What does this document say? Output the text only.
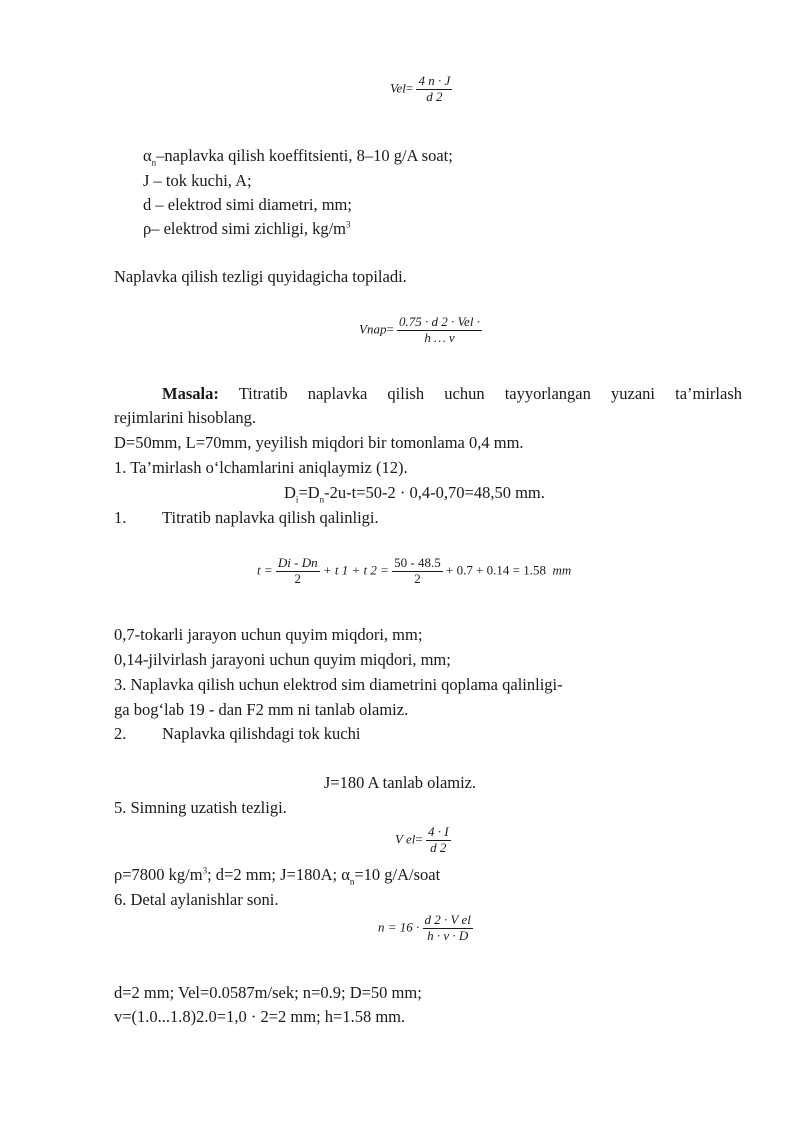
$Vel= \frac{4 n \cdot J}{d 2}$
$\alpha_n$–naplavka qilish koeffitsienti, 8–10 g/A soat;
J – tok kuchi, A;
d – elektrod simi diametri, mm;
ρ– elektrod simi zichligi, $kg/m^3$
Naplavka qilish tezligi quyidagicha topiladi.
Vnap= $\frac{\text{0.75 · d 2 · Vel ·}}{h \dots v}$
Masala: Titratib naplavka qilish uchun tayyorlangan yuzani ta’mirlash
rejimlarini hisoblang.
D=50mm, L=70mm, yeyilish miqdori bir tomonlama 0,4 mm.
1. Ta’mirlash o‘lchamlarini aniqlaymiz (12).
$D_i=D_n-2u-t=50-2 \cdot 0,4-0,70=48,50$ mm.
1. Titratib naplavka qilish qalinligi.
$t = \frac{Di - Dn}{2} + t$ 1 + t $2 = \frac{50 - 48.5}{2} + 0.7 + 0.14 = 1.58$ mm
0,7-tokarli jarayon uchun quyim miqdori, mm;
0,14-jilvirlash jarayoni uchun quyim miqdori, mm;
3. Naplavka qilish uchun elektrod sim diametrini qoplama qalinligi-
ga bog‘lab 19 - dan F2 mm ni tanlab olamiz.
2. Naplavka qilishdagi tok kuchi
J=180 A tanlab olamiz.
5. Simning uzatish tezligi.
V $el= \frac{4 \cdot I}{d 2}$
ρ=7800 $kg/m^3$; d=2 mm; J=180A; $\alpha_n=10$ g/A/soat
6. Detal aylanishlar soni.
$n = 16 \cdot \frac{\text{d 2 · V el}}{h \cdot v \cdot D}$
d=2 mm; Vel=0.0587m/sek; n=0.9; D=50 mm;
v=(1.0...1.8)2.0=1,0 · 2=2 mm; h=1.58 mm.
